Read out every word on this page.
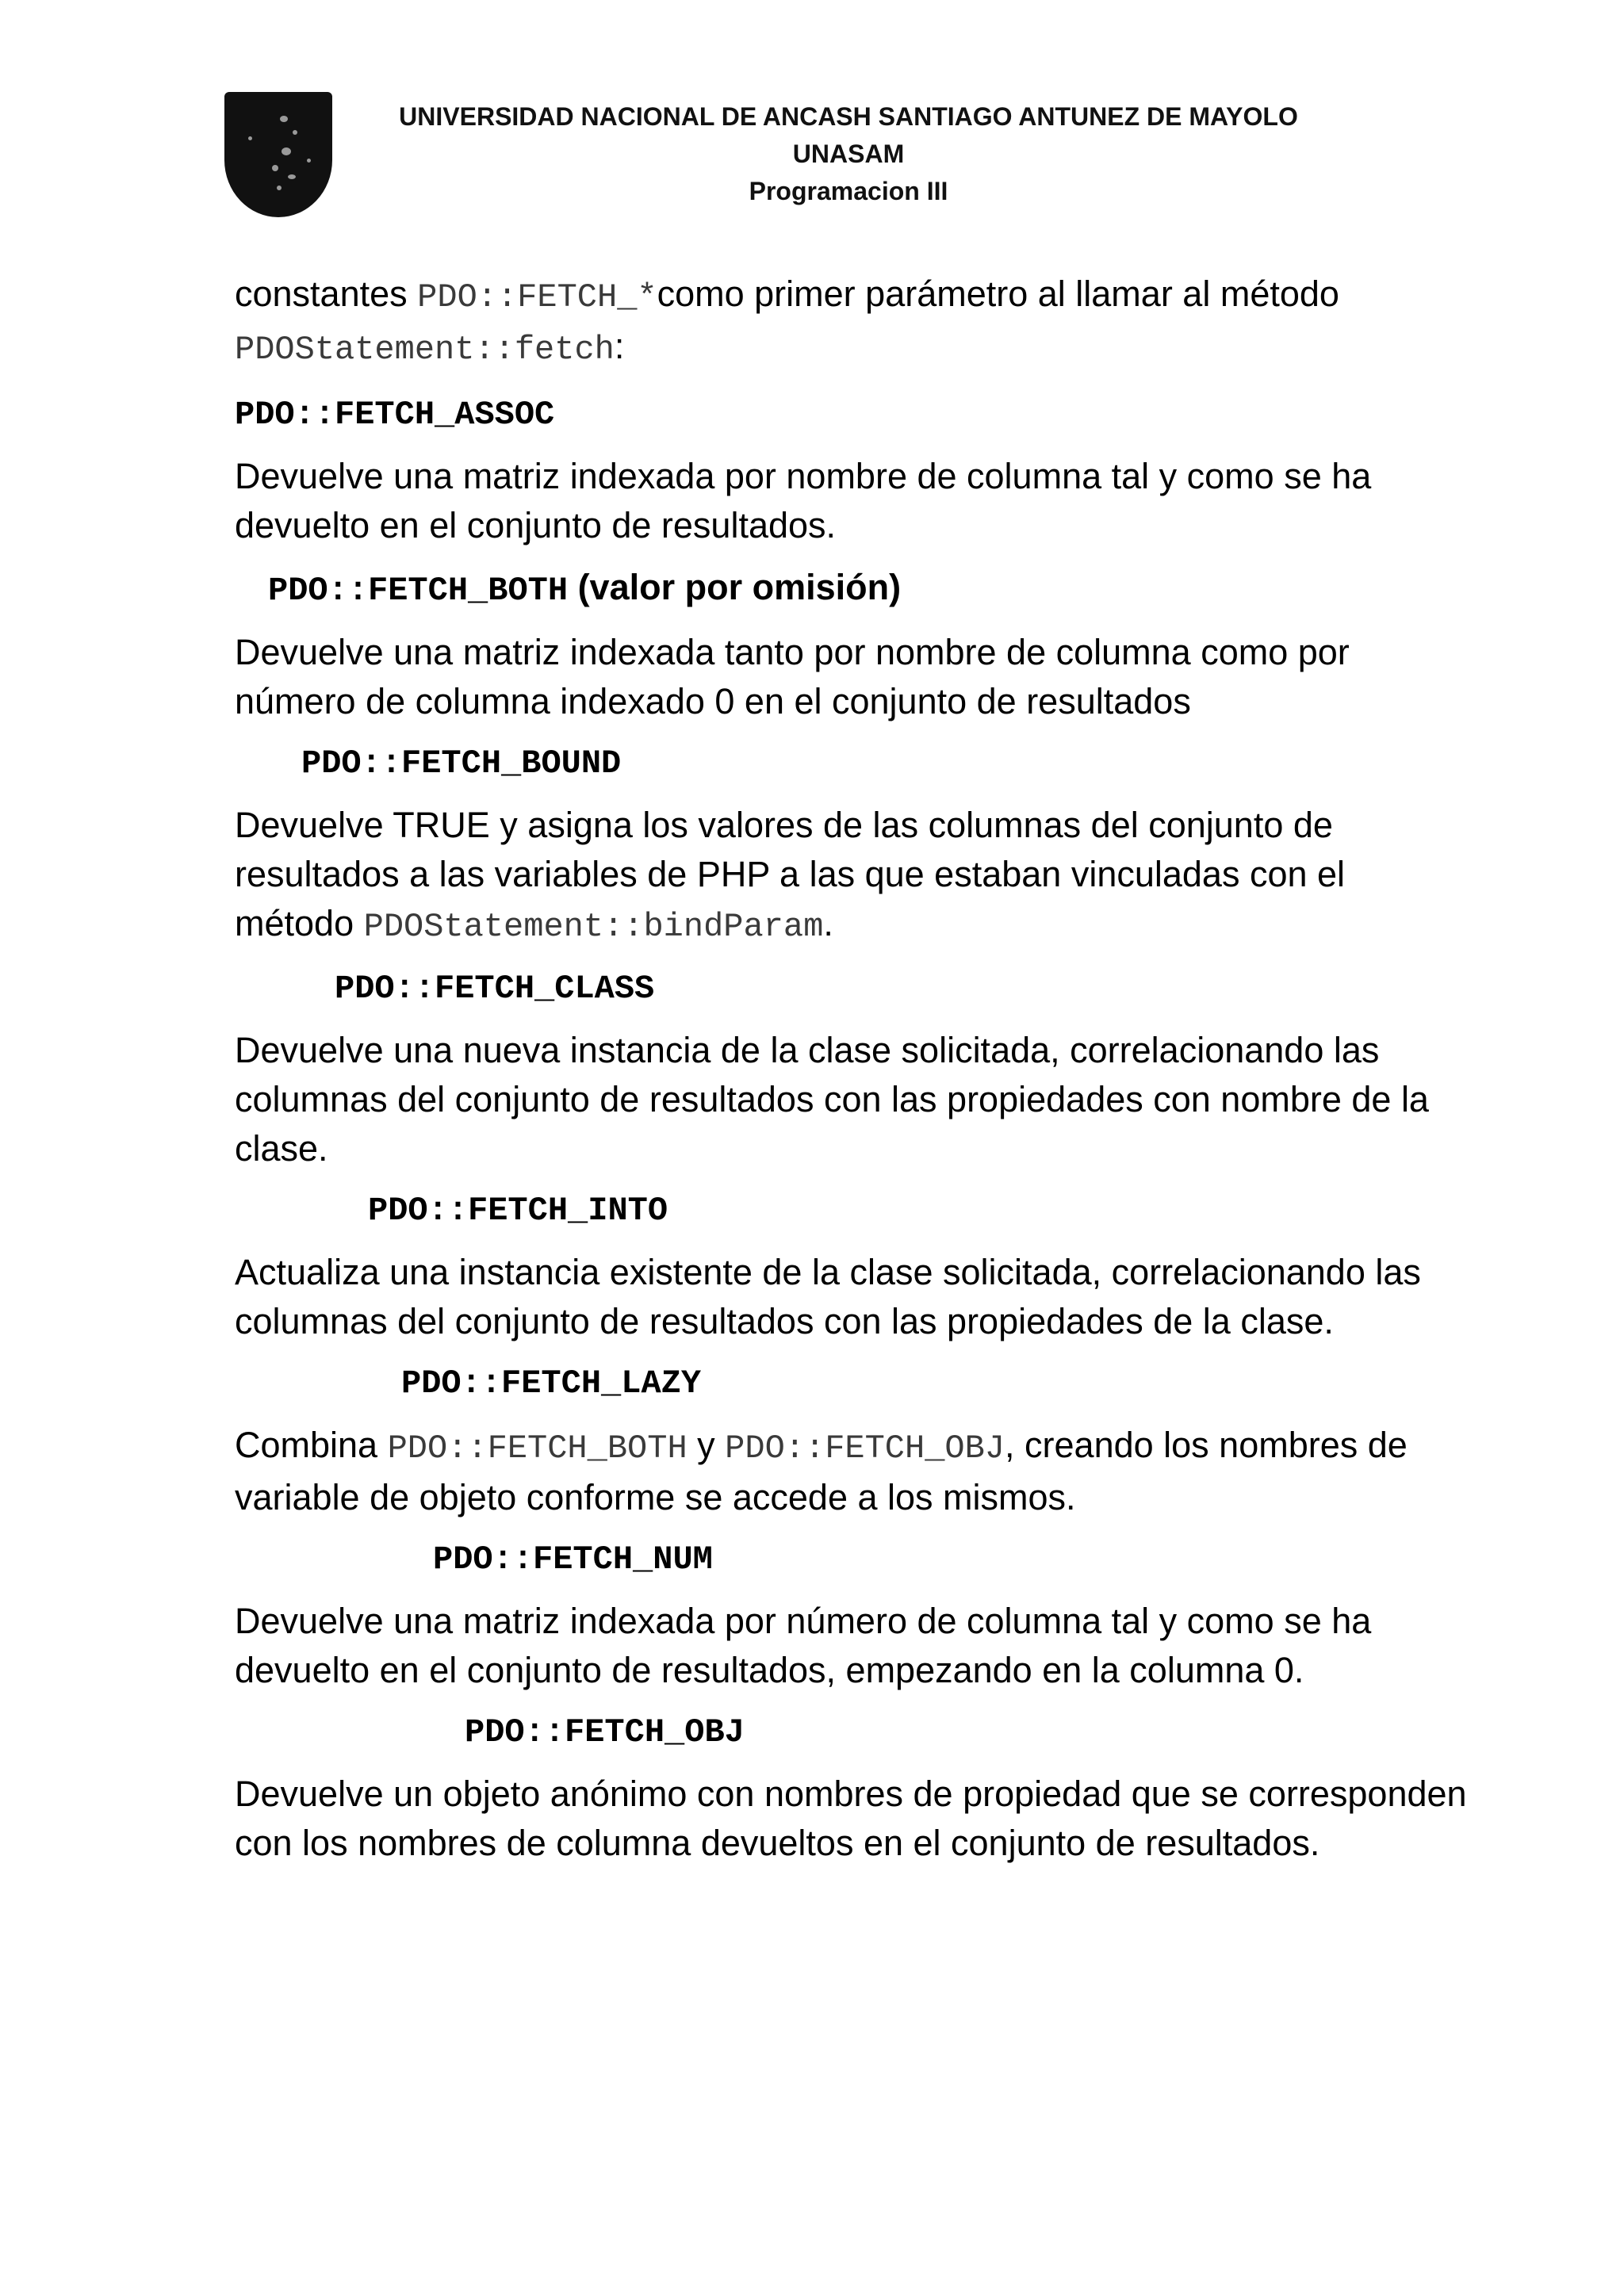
UNIVERSIDAD NACIONAL DE ANCASH SANTIAGO ANTUNEZ DE MAYOLO
UNASAM
Programacion III

constantes PDO::FETCH_*como primer parámetro al llamar al método PDOStatement::fetch:

PDO::FETCH_ASSOC

Devuelve una matriz indexada por nombre de columna tal y como se ha devuelto en el conjunto de resultados.

PDO::FETCH_BOTH (valor por omisión)

Devuelve una matriz indexada tanto por nombre de columna como por número de columna indexado 0 en el conjunto de resultados

PDO::FETCH_BOUND

Devuelve TRUE y asigna los valores de las columnas del conjunto de resultados a las variables de PHP a las que estaban vinculadas con el método PDOStatement::bindParam.

PDO::FETCH_CLASS

Devuelve una nueva instancia de la clase solicitada, correlacionando las columnas del conjunto de resultados con las propiedades con nombre de la clase.

PDO::FETCH_INTO

Actualiza una instancia existente de la clase solicitada, correlacionando las columnas del conjunto de resultados con las propiedades de la clase.

PDO::FETCH_LAZY

Combina PDO::FETCH_BOTH y PDO::FETCH_OBJ, creando los nombres de variable de objeto conforme se accede a los mismos.

PDO::FETCH_NUM

Devuelve una matriz indexada por número de columna tal y como se ha devuelto en el conjunto de resultados, empezando en la columna 0.

PDO::FETCH_OBJ

Devuelve un objeto anónimo con nombres de propiedad que se corresponden con los nombres de columna devueltos en el conjunto de resultados.
